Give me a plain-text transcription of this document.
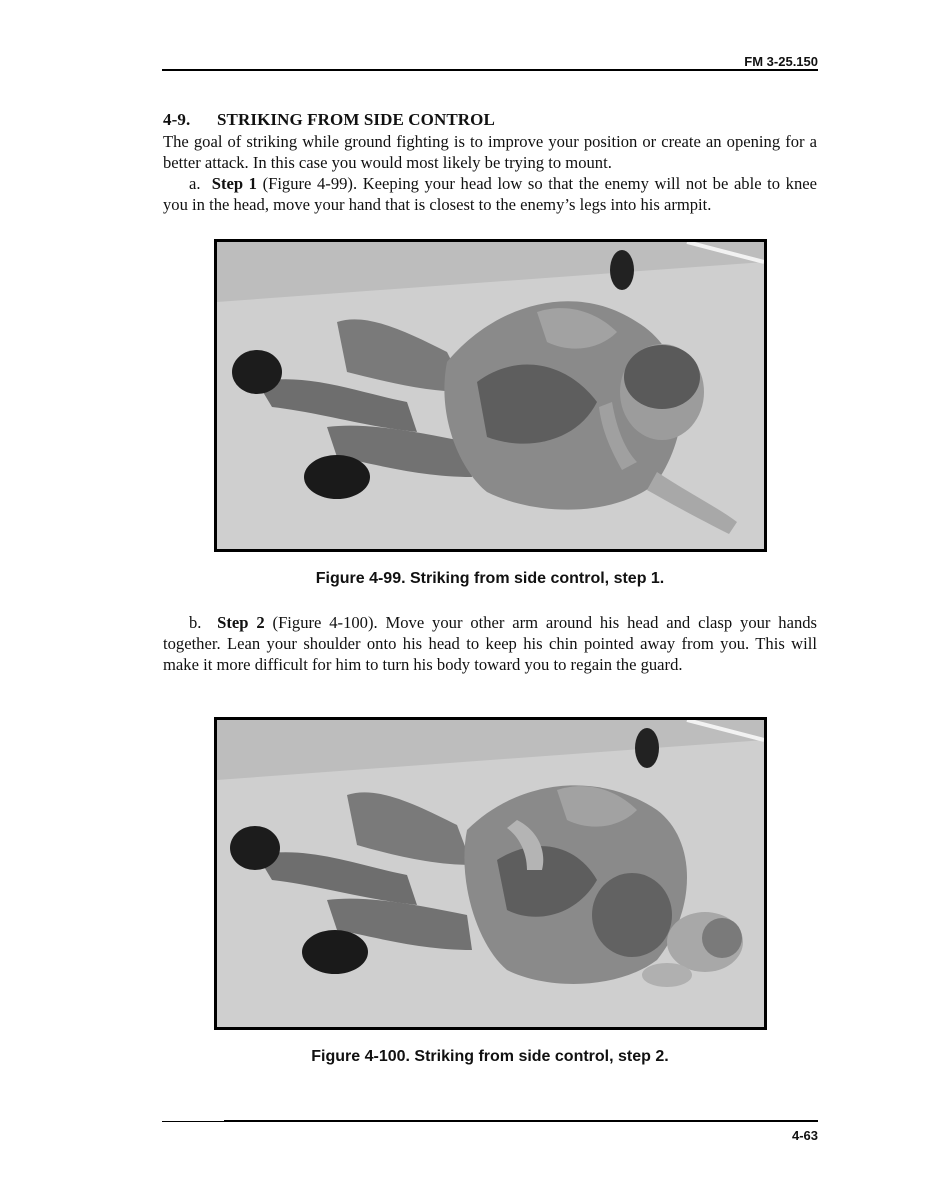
FM 3-25.150
4-9. STRIKING FROM SIDE CONTROL
The goal of striking while ground fighting is to improve your position or create an opening for a better attack. In this case you would most likely be trying to mount.
a. Step 1 (Figure 4-99). Keeping your head low so that the enemy will not be able to knee you in the head, move your hand that is closest to the enemy’s legs into his armpit.
Figure 4-99. Striking from side control, step 1.
b. Step 2 (Figure 4-100). Move your other arm around his head and clasp your hands together. Lean your shoulder onto his head to keep his chin pointed away from you. This will make it more difficult for him to turn his body toward you to regain the guard.
Figure 4-100. Striking from side control, step 2.
4-63
